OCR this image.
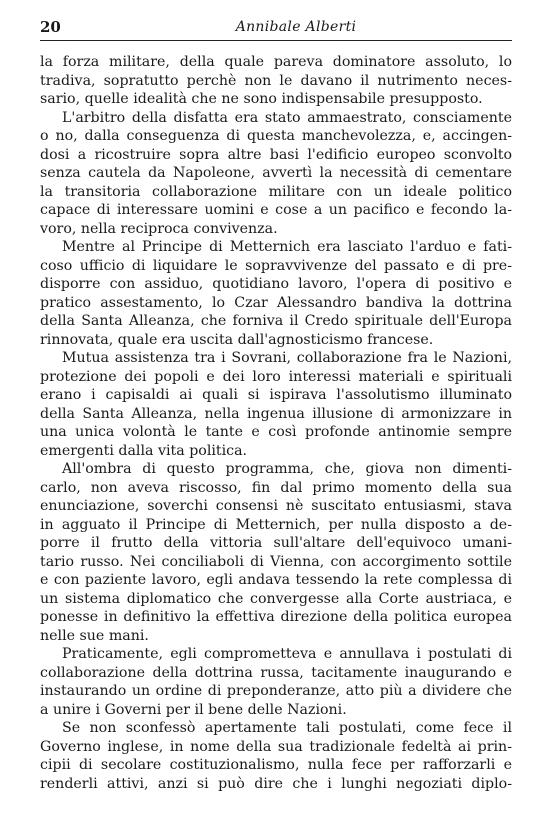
20	Annibale Alberti
la forza militare, della quale pareva dominatore assoluto, lo
tradiva, sopratutto perchè non le davano il nutrimento neces-
sario, quelle idealità che ne sono indispensabile presupposto.
L'arbitro della disfatta era stato ammaestrato, consciamente
o no, dalla conseguenza di questa manchevolezza, e, accingen-
dosi a ricostruire sopra altre basi l'edificio europeo sconvolto
senza cautela da Napoleone, avvertì la necessità di cementare
la transitoria collaborazione militare con un ideale politico
capace di interessare uomini e cose a un pacifico e fecondo la-
voro, nella reciproca convivenza.
Mentre al Principe di Metternich era lasciato l'arduo e fati-
coso ufficio di liquidare le sopravvivenze del passato e di pre-
disporre con assiduo, quotidiano lavoro, l'opera di positivo e
pratico assestamento, lo Czar Alessandro bandiva la dottrina
della Santa Alleanza, che forniva il Credo spirituale dell'Europa
rinnovata, quale era uscita dall'agnosticismo francese.
Mutua assistenza tra i Sovrani, collaborazione fra le Nazioni,
protezione dei popoli e dei loro interessi materiali e spirituali
erano i capisaldi ai quali si ispirava l'assolutismo illuminato
della Santa Alleanza, nella ingenua illusione di armonizzare in
una unica volontà le tante e così profonde antinomie sempre
emergenti dalla vita politica.
All'ombra di questo programma, che, giova non dimenti-
carlo, non aveva riscosso, fin dal primo momento della sua
enunciazione, soverchi consensi nè suscitato entusiasmi, stava
in agguato il Principe di Metternich, per nulla disposto a de-
porre il frutto della vittoria sull'altare dell'equivoco umani-
tario russo. Nei conciliaboli di Vienna, con accorgimento sottile
e con paziente lavoro, egli andava tessendo la rete complessa di
un sistema diplomatico che convergesse alla Corte austriaca, e
ponesse in definitivo la effettiva direzione della politica europea
nelle sue mani.
Praticamente, egli comprometteva e annullava i postulati di
collaborazione della dottrina russa, tacitamente inaugurando e
instaurando un ordine di preponderanze, atto più a dividere che
a unire i Governi per il bene delle Nazioni.
Se non sconfessò apertamente tali postulati, come fece il
Governo inglese, in nome della sua tradizionale fedeltà ai prin-
cipii di secolare costituzionalismo, nulla fece per rafforzarli e
renderli attivi, anzi si può dire che i lunghi negoziati diplo-
